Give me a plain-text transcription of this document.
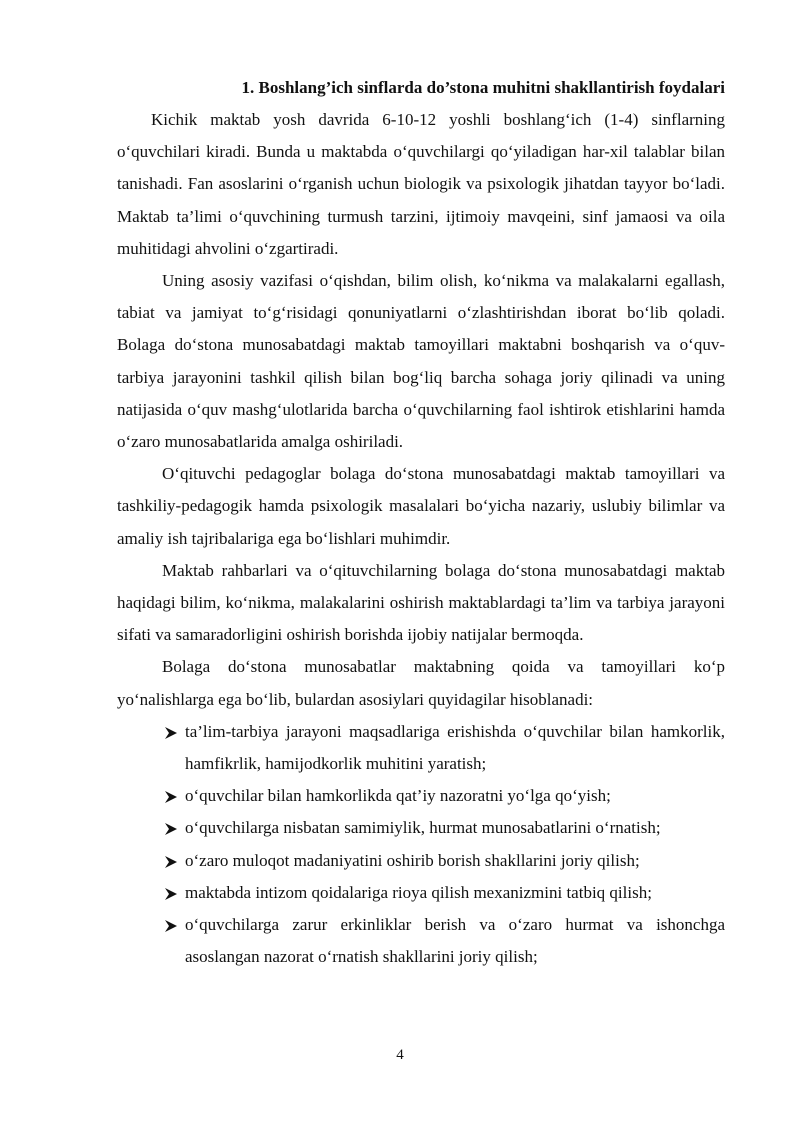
1. Boshlang’ich sinflarda do’stona muhitni shakllantirish foydalari

Kichik maktab yosh davrida 6-10-12 yoshli boshlang‘ich (1-4) sinflarning o‘quvchilari kiradi. Bunda u maktabda o‘quvchilargi qo‘yiladigan har-xil talablar bilan tanishadi. Fan asoslarini o‘rganish uchun biologik va psixologik jihatdan tayyor bo‘ladi. Maktab ta’limi o‘quvchining turmush tarzini, ijtimoiy mavqeini, sinf jamaosi va oila muhitidagi ahvolini o‘zgartiradi.

Uning asosiy vazifasi o‘qishdan, bilim olish, ko‘nikma va malakalarni egallash, tabiat va jamiyat to‘g‘risidagi qonuniyatlarni o‘zlashtirishdan iborat bo‘lib qoladi. Bolaga do‘stona munosabatdagi maktab tamoyillari maktabni boshqarish va o‘quv-tarbiya jarayonini tashkil qilish bilan bog‘liq barcha sohaga joriy qilinadi va uning natijasida o‘quv mashg‘ulotlarida barcha o‘quvchilarning faol ishtirok etishlarini hamda o‘zaro munosabatlarida amalga oshiriladi.

O‘qituvchi pedagoglar bolaga do‘stona munosabatdagi maktab tamoyillari va tashkiliy-pedagogik hamda psixologik masalalari bo‘yicha nazariy, uslubiy bilimlar va amaliy ish tajribalariga ega bo‘lishlari muhimdir.

Maktab rahbarlari va o‘qituvchilarning bolaga do‘stona munosabatdagi maktab haqidagi bilim, ko‘nikma, malakalarini oshirish maktablardagi ta’lim va tarbiya jarayoni sifati va samaradorligini oshirish borishda ijobiy natijalar bermoqda.

Bolaga do‘stona munosabatlar maktabning qoida va tamoyillari ko‘p yo‘nalishlarga ega bo‘lib, bulardan asosiylari quyidagilar hisoblanadi:

ta’lim-tarbiya jarayoni maqsadlariga erishishda o‘quvchilar bilan hamkorlik, hamfikrlik, hamijodkorlik muhitini yaratish;
o‘quvchilar bilan hamkorlikda qat’iy nazoratni yo‘lga qo‘yish;
o‘quvchilarga nisbatan samimiylik, hurmat munosabatlarini o‘rnatish;
o‘zaro muloqot madaniyatini oshirib borish shakllarini joriy qilish;
maktabda intizom qoidalariga rioya qilish mexanizmini tatbiq qilish;
o‘quvchilarga zarur erkinliklar berish va o‘zaro hurmat va ishonchga asoslangan nazorat o‘rnatish shakllarini joriy qilish;
4
